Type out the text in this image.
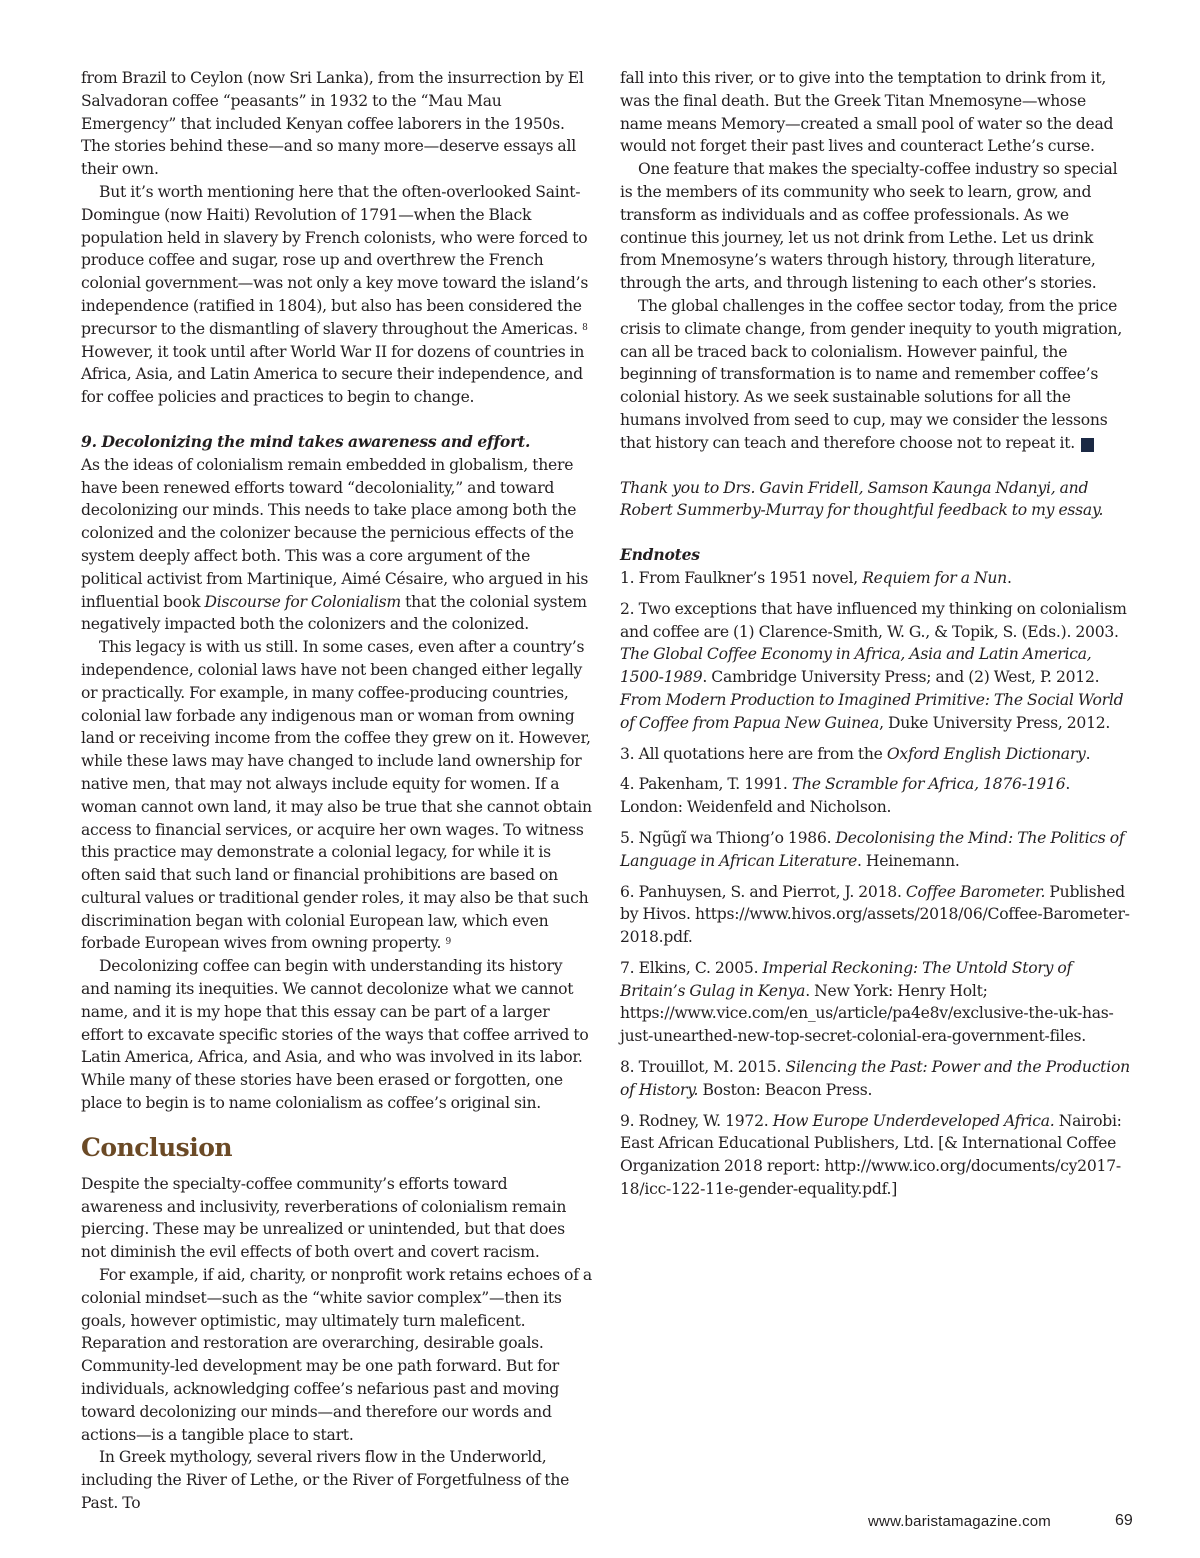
from Brazil to Ceylon (now Sri Lanka), from the insurrection by El Salvadoran coffee “peasants” in 1932 to the “Mau Mau Emergency” that included Kenyan coffee laborers in the 1950s. The stories behind these—and so many more—deserve essays all their own.

But it’s worth mentioning here that the often-overlooked Saint- Domingue (now Haiti) Revolution of 1791—when the Black population held in slavery by French colonists, who were forced to produce coffee and sugar, rose up and overthrew the French colonial government—was not only a key move toward the island’s independence (ratified in 1804), but also has been considered the precursor to the dismantling of slavery throughout the Americas. $^8$ However, it took until after World War II for dozens of countries in Africa, Asia, and Latin America to secure their independence, and for coffee policies and practices to begin to change.

9. Decolonizing the mind takes awareness and effort.

As the ideas of colonialism remain embedded in globalism, there have been renewed efforts toward “decoloniality,” and toward decolonizing our minds. This needs to take place among both the colonized and the colonizer because the pernicious effects of the system deeply affect both. This was a core argument of the political activist from Martinique, Aimé Césaire, who argued in his influential book Discourse for Colonialism that the colonial system negatively impacted both the colonizers and the colonized.

This legacy is with us still. In some cases, even after a country’s independence, colonial laws have not been changed either legally or practically. For example, in many coffee-producing countries, colonial law forbade any indigenous man or woman from owning land or receiving income from the coffee they grew on it. However, while these laws may have changed to include land ownership for native men, that may not always include equity for women. If a woman cannot own land, it may also be true that she cannot obtain access to financial services, or acquire her own wages. To witness this practice may demonstrate a colonial legacy, for while it is often said that such land or financial prohibitions are based on cultural values or traditional gender roles, it may also be that such discrimination began with colonial European law, which even forbade European wives from owning property. $^9$

Decolonizing coffee can begin with understanding its history and naming its inequities. We cannot decolonize what we cannot name, and it is my hope that this essay can be part of a larger effort to excavate specific stories of the ways that coffee arrived to Latin America, Africa, and Asia, and who was involved in its labor. While many of these stories have been erased or forgotten, one place to begin is to name colonialism as coffee’s original sin.

Conclusion

Despite the specialty-coffee community’s efforts toward awareness and inclusivity, reverberations of colonialism remain piercing. These may be unrealized or unintended, but that does not diminish the evil effects of both overt and covert racism.

For example, if aid, charity, or nonprofit work retains echoes of a colonial mindset—such as the “white savior complex”—then its goals, however optimistic, may ultimately turn maleficent. Reparation and restoration are overarching, desirable goals. Community-led development may be one path forward. But for individuals, acknowledging coffee’s nefarious past and moving toward decolonizing our minds—and therefore our words and actions—is a tangible place to start.

In Greek mythology, several rivers flow in the Underworld, including the River of Lethe, or the River of Forgetfulness of the Past. To

fall into this river, or to give into the temptation to drink from it, was the final death. But the Greek Titan Mnemosyne—whose name means Memory—created a small pool of water so the dead would not forget their past lives and counteract Lethe’s curse.

One feature that makes the specialty-coffee industry so special is the members of its community who seek to learn, grow, and transform as individuals and as coffee professionals. As we continue this journey, let us not drink from Lethe. Let us drink from Mnemosyne’s waters through history, through literature, through the arts, and through listening to each other’s stories.

The global challenges in the coffee sector today, from the price crisis to climate change, from gender inequity to youth migration, can all be traced back to colonialism. However painful, the beginning of transformation is to name and remember coffee’s colonial history. As we seek sustainable solutions for all the humans involved from seed to cup, may we consider the lessons that history can teach and therefore choose not to repeat it. b

Thank you to Drs. Gavin Fridell, Samson Kaunga Ndanyi, and Robert Summerby-Murray for thoughtful feedback to my essay.

Endnotes

1. From Faulkner’s 1951 novel, Requiem for a Nun.

2. Two exceptions that have influenced my thinking on colonialism and coffee are (1) Clarence-Smith, W. G., & Topik, S. (Eds.). 2003. The Global Coffee Economy in Africa, Asia and Latin America, 1500-1989. Cambridge University Press; and (2) West, P. 2012. From Modern Production to Imagined Primitive: The Social World of Coffee from Papua New Guinea, Duke University Press, 2012.

3. All quotations here are from the Oxford English Dictionary.

4. Pakenham, T. 1991. The Scramble for Africa, 1876-1916. London: Weidenfeld and Nicholson.

5. Ngũgĩ wa Thiong’o 1986. Decolonising the Mind: The Politics of Language in African Literature. Heinemann.

6. Panhuysen, S. and Pierrot, J. 2018. Coffee Barometer. Published by Hivos. https://www.hivos.org/assets/2018/06/Coffee-Barometer-2018.pdf.

7. Elkins, C. 2005. Imperial Reckoning: The Untold Story of Britain’s Gulag in Kenya. New York: Henry Holt; https://www.vice.com/en_us/article/pa4e8v/exclusive-the-uk-has-just-unearthed-new-top-secret-colonial-era-government-files.

8. Trouillot, M. 2015. Silencing the Past: Power and the Production of History. Boston: Beacon Press.

9. Rodney, W. 1972. How Europe Underdeveloped Africa. Nairobi: East African Educational Publishers, Ltd. [& International Coffee Organization 2018 report: http://www.ico.org/documents/cy2017-18/icc-122-11e-gender-equality.pdf.]

www.baristamagazine.com	69
